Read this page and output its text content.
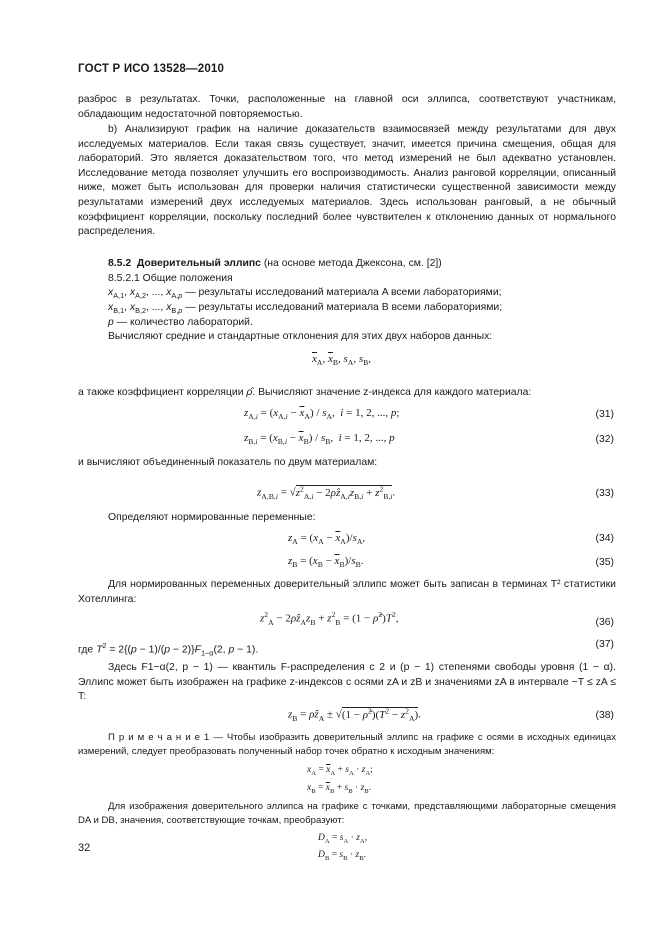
ГОСТ Р ИСО 13528—2010
разброс в результатах. Точки, расположенные на главной оси эллипса, соответствуют участникам, обладающим недостаточной повторяемостью.
b) Анализируют график на наличие доказательств взаимосвязей между результатами для двух исследуемых материалов. Если такая связь существует, значит, имеется причина смещения, общая для лабораторий. Это является доказательством того, что метод измерений не был адекватно установлен. Исследование метода позволяет улучшить его воспроизводимость. Анализ ранговой корреляции, описанный ниже, может быть использован для проверки наличия статистически существенной зависимости между результатами измерений двух исследуемых материалов. Здесь использован ранговый, а не обычный коэффициент корреляции, поскольку последний более чувствителен к отклонению данных от нормального распределения.
8.5.2 Доверительный эллипс (на основе метода Джексона, см. [2])
8.5.2.1 Общие положения
$x_{A,1}$, $x_{A,2}$, ..., $x_{A,p}$ — результаты исследований материала A всеми лабораториями;
$x_{B,1}$, $x_{B,2}$, ..., $x_{B,p}$ — результаты исследований материала B всеми лабораториями;
p — количество лабораторий.
Вычисляют средние и стандартные отклонения для этих двух наборов данных:
$\overline{x}_A$, $\overline{x}_B$, $s_A$, $s_B$,
а также коэффициент корреляции ρ̂. Вычисляют значение z-индекса для каждого материала:
$z_{A,i} = (x_{A,i} - \overline{x}_A) / s_A$,  i = 1, 2, ..., p;	(31)
$z_{B,i} = (x_{B,i} - \overline{x}_B) / s_B$,  i = 1, 2, ..., p	(32)
и вычисляют объединенный показатель по двум материалам:
$z_{A,B,i} = √z^2_{A,i}$ − $2\rhôz_{A,i}z_{B,i} + z^2_{B,i}$.	(33)
Определяют нормированные переменные:
$z_A = (x_A - \overline{x}_A)/s_A$,	(34)
$z_B = (x_B - \overline{x}_B)/s_B$.	(35)
Для нормированных переменных доверительный эллипс может быть записан в терминах T² статистики Хотеллинга:
$z^2_A$ − $2\rhôz_Az_B + z^2_B = (1$ − $\rhô^2)T^2$,	(36)
где $T^2 = 2\{(p - 1)/(p - 2)\}F_{1-\alpha}(2$, p − 1).	(37)
Здесь F1−α(2, p − 1) — квантиль F-распределения с 2 и (p − 1) степенями свободы уровня (1 − α). Эллипс может быть изображен на графике z-индексов с осями zA и zB и значениями zA в интервале −T ≤ zA ≤ T:
$z_B$ = $\rhôz_A \pm √(1$ − $\rhô^2)(T^2 - z^2_A)$.	(38)
П р и м е ч а н и е 1 — Чтобы изобразить доверительный эллипс на графике с осями в исходных единицах измерений, следует преобразовать полученный набор точек обратно к исходным значениям:
$x_A = \overline{x}_A + s_A \cdot z_A$;
$x_B = \overline{x}_B + s_B \cdot z_B$.
Для изображения доверительного эллипса на графике с точками, представляющими лабораторные смещения DA и DB, значения, соответствующие точкам, преобразуют:
$D_A = s_A \cdot z_A$,
$D_B = s_B \cdot z_B$.
32
